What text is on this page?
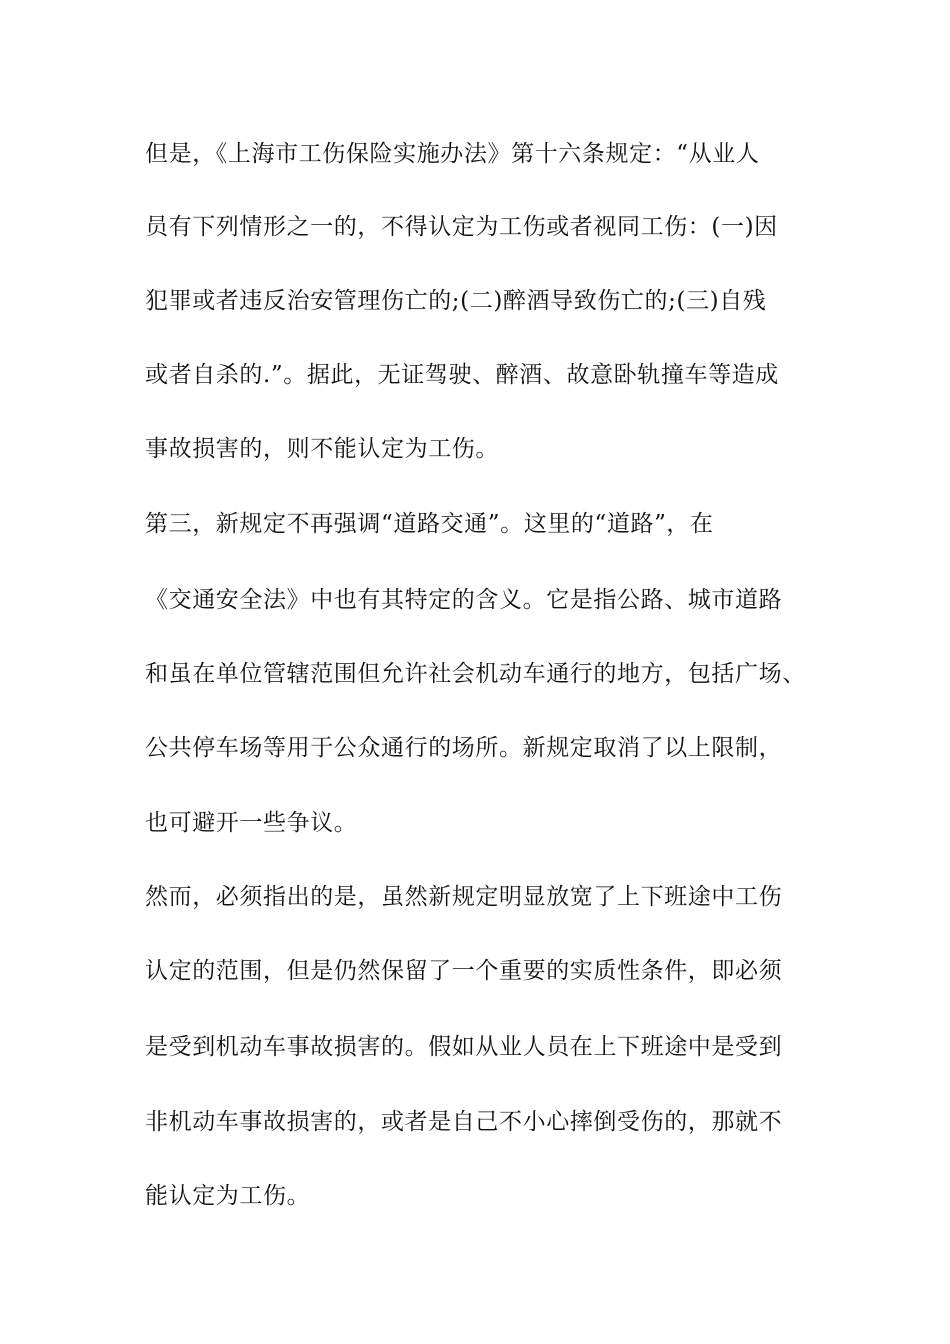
但是，《上海市工伤保险实施办法》第十六条规定：“从业人
员有下列情形之一的，不得认定为工伤或者视同工伤：(一)因
犯罪或者违反治安管理伤亡的;(二)醉酒导致伤亡的;(三)自残
或者自杀的.”。据此，无证驾驶、醉酒、故意卧轨撞车等造成
事故损害的，则不能认定为工伤。
第三，新规定不再强调“道路交通”。这里的“道路”，在
《交通安全法》中也有其特定的含义。它是指公路、城市道路
和虽在单位管辖范围但允许社会机动车通行的地方，包括广场、
公共停车场等用于公众通行的场所。新规定取消了以上限制，
也可避开一些争议。
然而，必须指出的是，虽然新规定明显放宽了上下班途中工伤
认定的范围，但是仍然保留了一个重要的实质性条件，即必须
是受到机动车事故损害的。假如从业人员在上下班途中是受到
非机动车事故损害的，或者是自己不小心摔倒受伤的，那就不
能认定为工伤。
